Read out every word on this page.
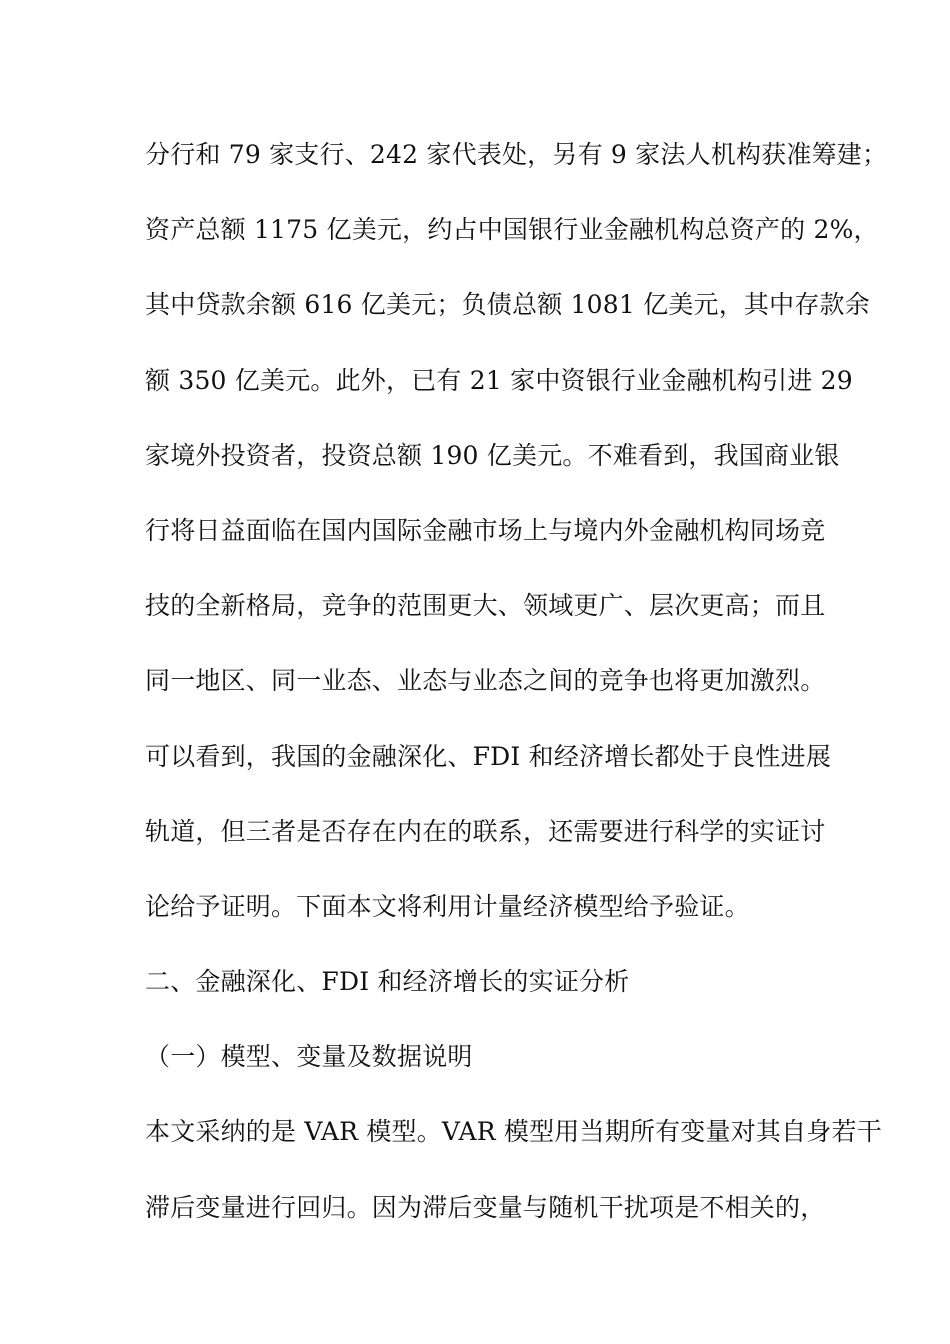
分行和 79 家支行、242 家代表处，另有 9 家法人机构获准筹建；
资产总额 1175 亿美元，约占中国银行业金融机构总资产的 2%，
其中贷款余额 616 亿美元；负债总额 1081 亿美元，其中存款余
额 350 亿美元。此外，已有 21 家中资银行业金融机构引进 29
家境外投资者，投资总额 190 亿美元。不难看到，我国商业银
行将日益面临在国内国际金融市场上与境内外金融机构同场竞
技的全新格局，竞争的范围更大、领域更广、层次更高；而且
同一地区、同一业态、业态与业态之间的竞争也将更加激烈。
可以看到，我国的金融深化、FDI 和经济增长都处于良性进展
轨道，但三者是否存在内在的联系，还需要进行科学的实证讨
论给予证明。下面本文将利用计量经济模型给予验证。
二、金融深化、FDI 和经济增长的实证分析
（一）模型、变量及数据说明
本文采纳的是 VAR 模型。VAR 模型用当期所有变量对其自身若干
滞后变量进行回归。因为滞后变量与随机干扰项是不相关的，
